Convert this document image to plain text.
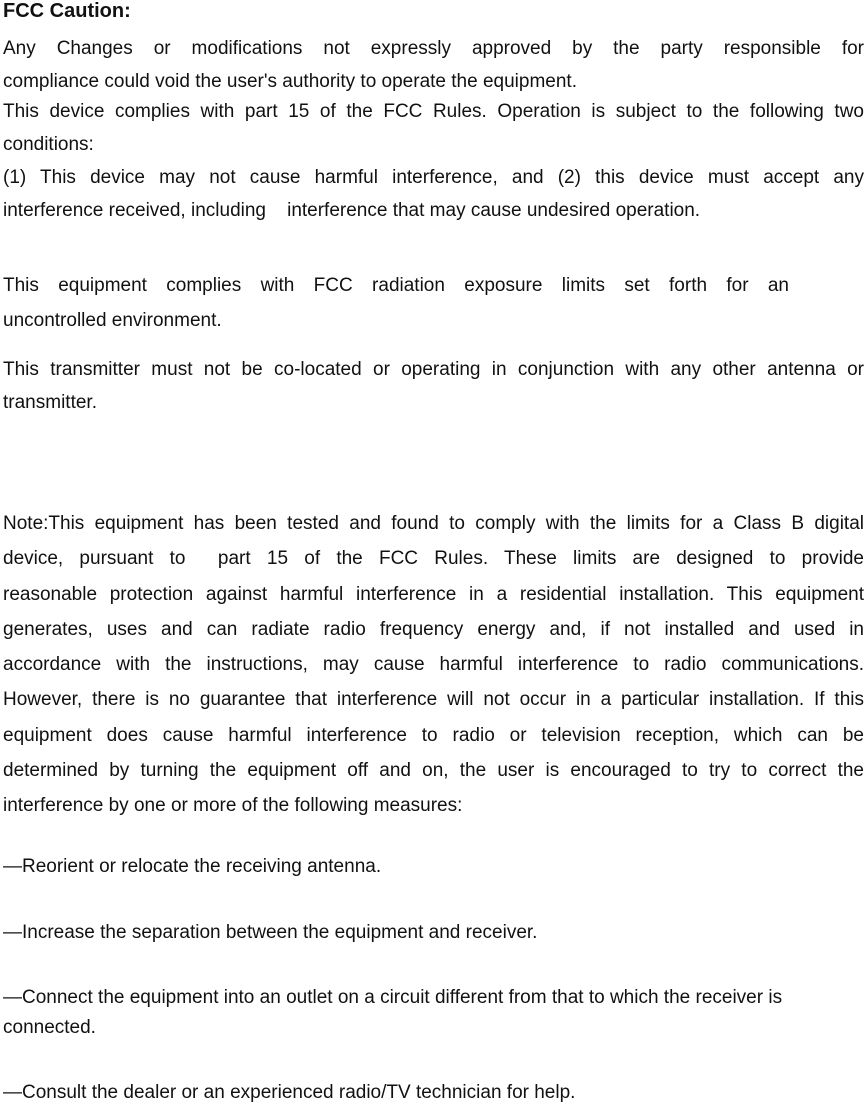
FCC Caution:
Any Changes or modifications not expressly approved by the party responsible for
compliance could void the user's authority to operate the equipment.
This device complies with part 15 of the FCC Rules. Operation is subject to the following two
conditions:
(1) This device may not cause harmful interference, and (2) this device must accept any
interference received, including    interference that may cause undesired operation.
This equipment complies with FCC radiation exposure limits set forth for an
uncontrolled environment.
This transmitter must not be co-located or operating in conjunction with any other antenna or
transmitter.
Note:This equipment has been tested and found to comply with the limits for a Class B digital
device, pursuant to  part 15 of the FCC Rules. These limits are designed to provide
reasonable protection against harmful interference in a residential installation. This equipment
generates, uses and can radiate radio frequency energy and, if not installed and used in
accordance with the instructions, may cause harmful interference to radio communications.
However, there is no guarantee that interference will not occur in a particular installation. If this
equipment does cause harmful interference to radio or television reception, which can be
determined by turning the equipment off and on, the user is encouraged to try to correct the
interference by one or more of the following measures:
—Reorient or relocate the receiving antenna.
—Increase the separation between the equipment and receiver.
—Connect the equipment into an outlet on a circuit different from that to which the receiver is
connected.
—Consult the dealer or an experienced radio/TV technician for help.
